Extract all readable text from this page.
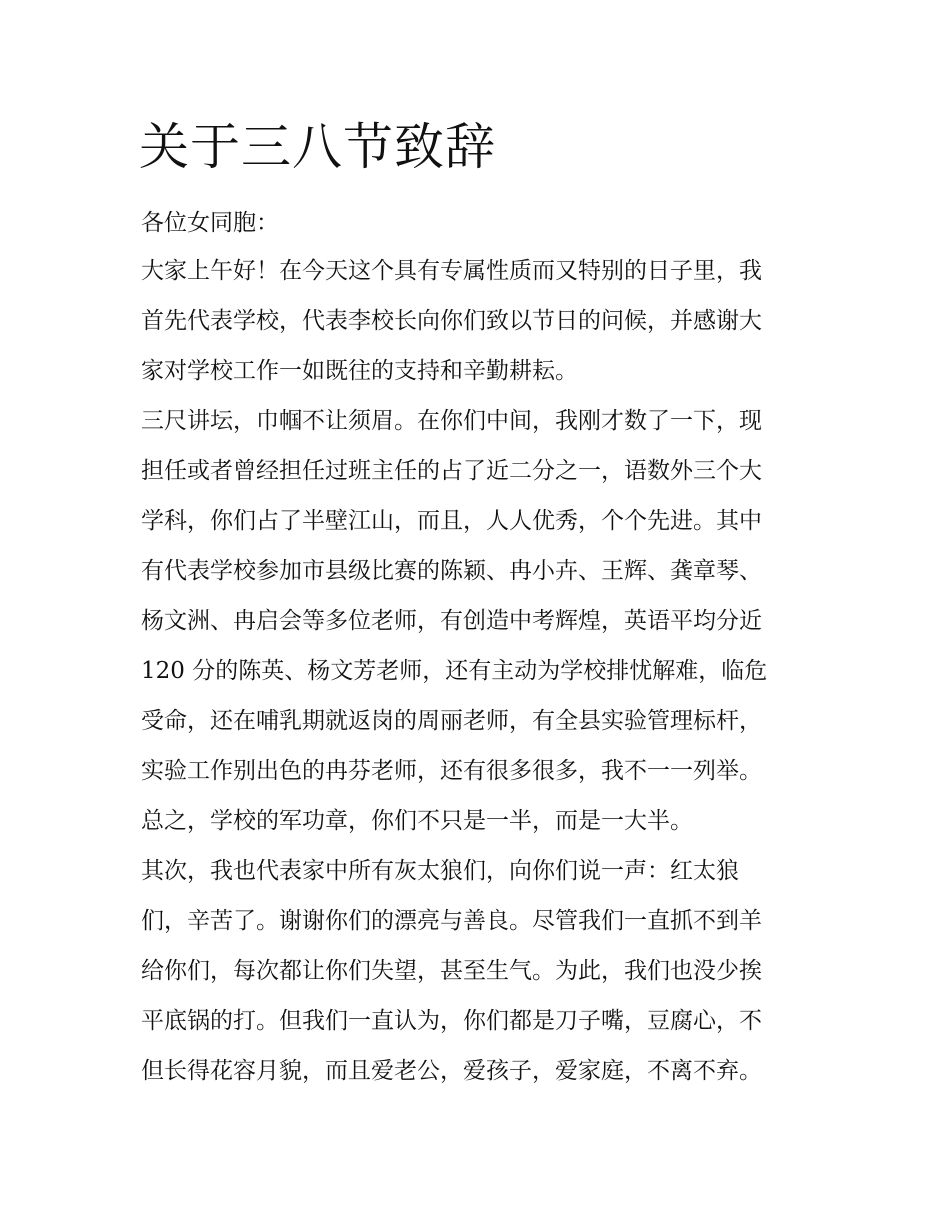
关于三八节致辞

各位女同胞：

大家上午好！在今天这个具有专属性质而又特别的日子里，我

首先代表学校，代表李校长向你们致以节日的问候，并感谢大

家对学校工作一如既往的支持和辛勤耕耘。

三尺讲坛，巾帼不让须眉。在你们中间，我刚才数了一下，现

担任或者曾经担任过班主任的占了近二分之一，语数外三个大

学科，你们占了半壁江山，而且，人人优秀，个个先进。其中

有代表学校参加市县级比赛的陈颖、冉小卉、王辉、龚章琴、

杨文洲、冉启会等多位老师，有创造中考辉煌，英语平均分近

120 分的陈英、杨文芳老师，还有主动为学校排忧解难，临危

受命，还在哺乳期就返岗的周丽老师，有全县实验管理标杆，

实验工作别出色的冉芬老师，还有很多很多，我不一一列举。

总之，学校的军功章，你们不只是一半，而是一大半。

其次，我也代表家中所有灰太狼们，向你们说一声：红太狼

们，辛苦了。谢谢你们的漂亮与善良。尽管我们一直抓不到羊

给你们，每次都让你们失望，甚至生气。为此，我们也没少挨

平底锅的打。但我们一直认为，你们都是刀子嘴，豆腐心，不

但长得花容月貌，而且爱老公，爱孩子，爱家庭，不离不弃。
